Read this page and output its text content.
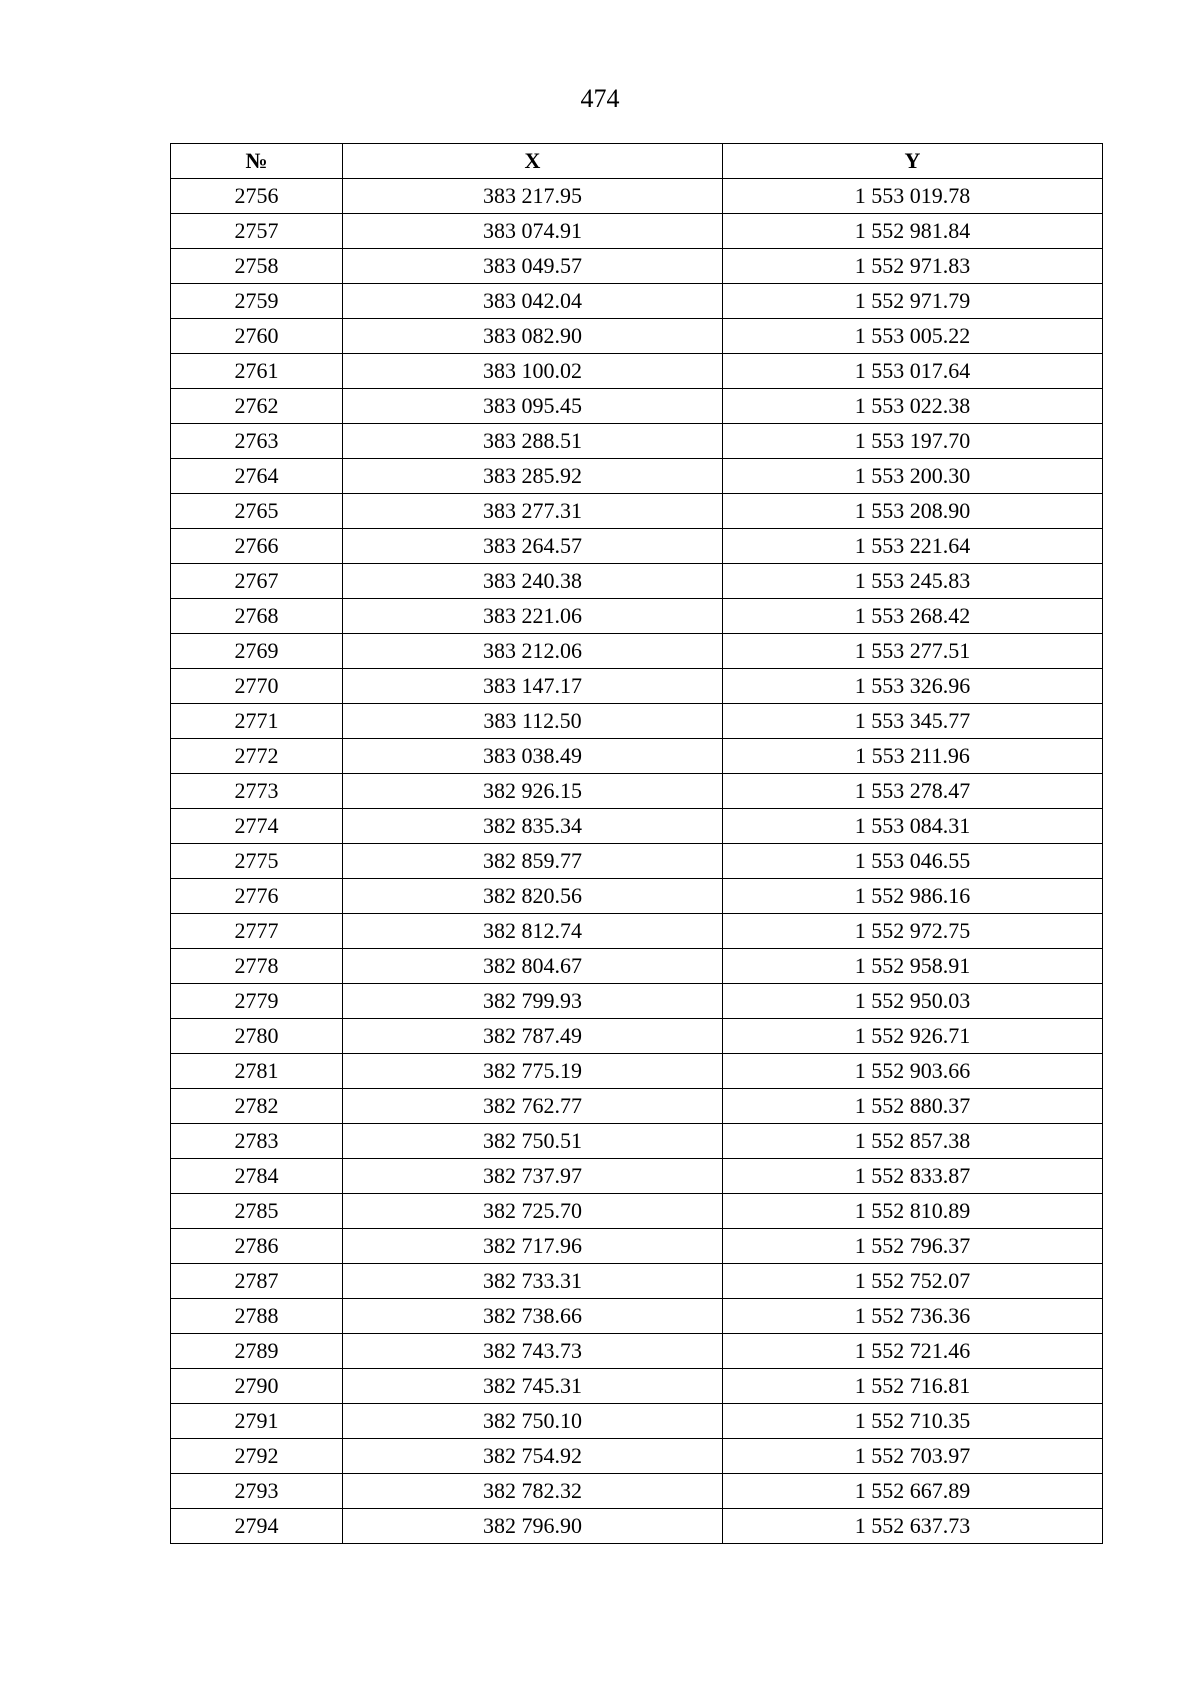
474
№	X	Y
2756	383 217.95	1 553 019.78
2757	383 074.91	1 552 981.84
2758	383 049.57	1 552 971.83
2759	383 042.04	1 552 971.79
2760	383 082.90	1 553 005.22
2761	383 100.02	1 553 017.64
2762	383 095.45	1 553 022.38
2763	383 288.51	1 553 197.70
2764	383 285.92	1 553 200.30
2765	383 277.31	1 553 208.90
2766	383 264.57	1 553 221.64
2767	383 240.38	1 553 245.83
2768	383 221.06	1 553 268.42
2769	383 212.06	1 553 277.51
2770	383 147.17	1 553 326.96
2771	383 112.50	1 553 345.77
2772	383 038.49	1 553 211.96
2773	382 926.15	1 553 278.47
2774	382 835.34	1 553 084.31
2775	382 859.77	1 553 046.55
2776	382 820.56	1 552 986.16
2777	382 812.74	1 552 972.75
2778	382 804.67	1 552 958.91
2779	382 799.93	1 552 950.03
2780	382 787.49	1 552 926.71
2781	382 775.19	1 552 903.66
2782	382 762.77	1 552 880.37
2783	382 750.51	1 552 857.38
2784	382 737.97	1 552 833.87
2785	382 725.70	1 552 810.89
2786	382 717.96	1 552 796.37
2787	382 733.31	1 552 752.07
2788	382 738.66	1 552 736.36
2789	382 743.73	1 552 721.46
2790	382 745.31	1 552 716.81
2791	382 750.10	1 552 710.35
2792	382 754.92	1 552 703.97
2793	382 782.32	1 552 667.89
2794	382 796.90	1 552 637.73
